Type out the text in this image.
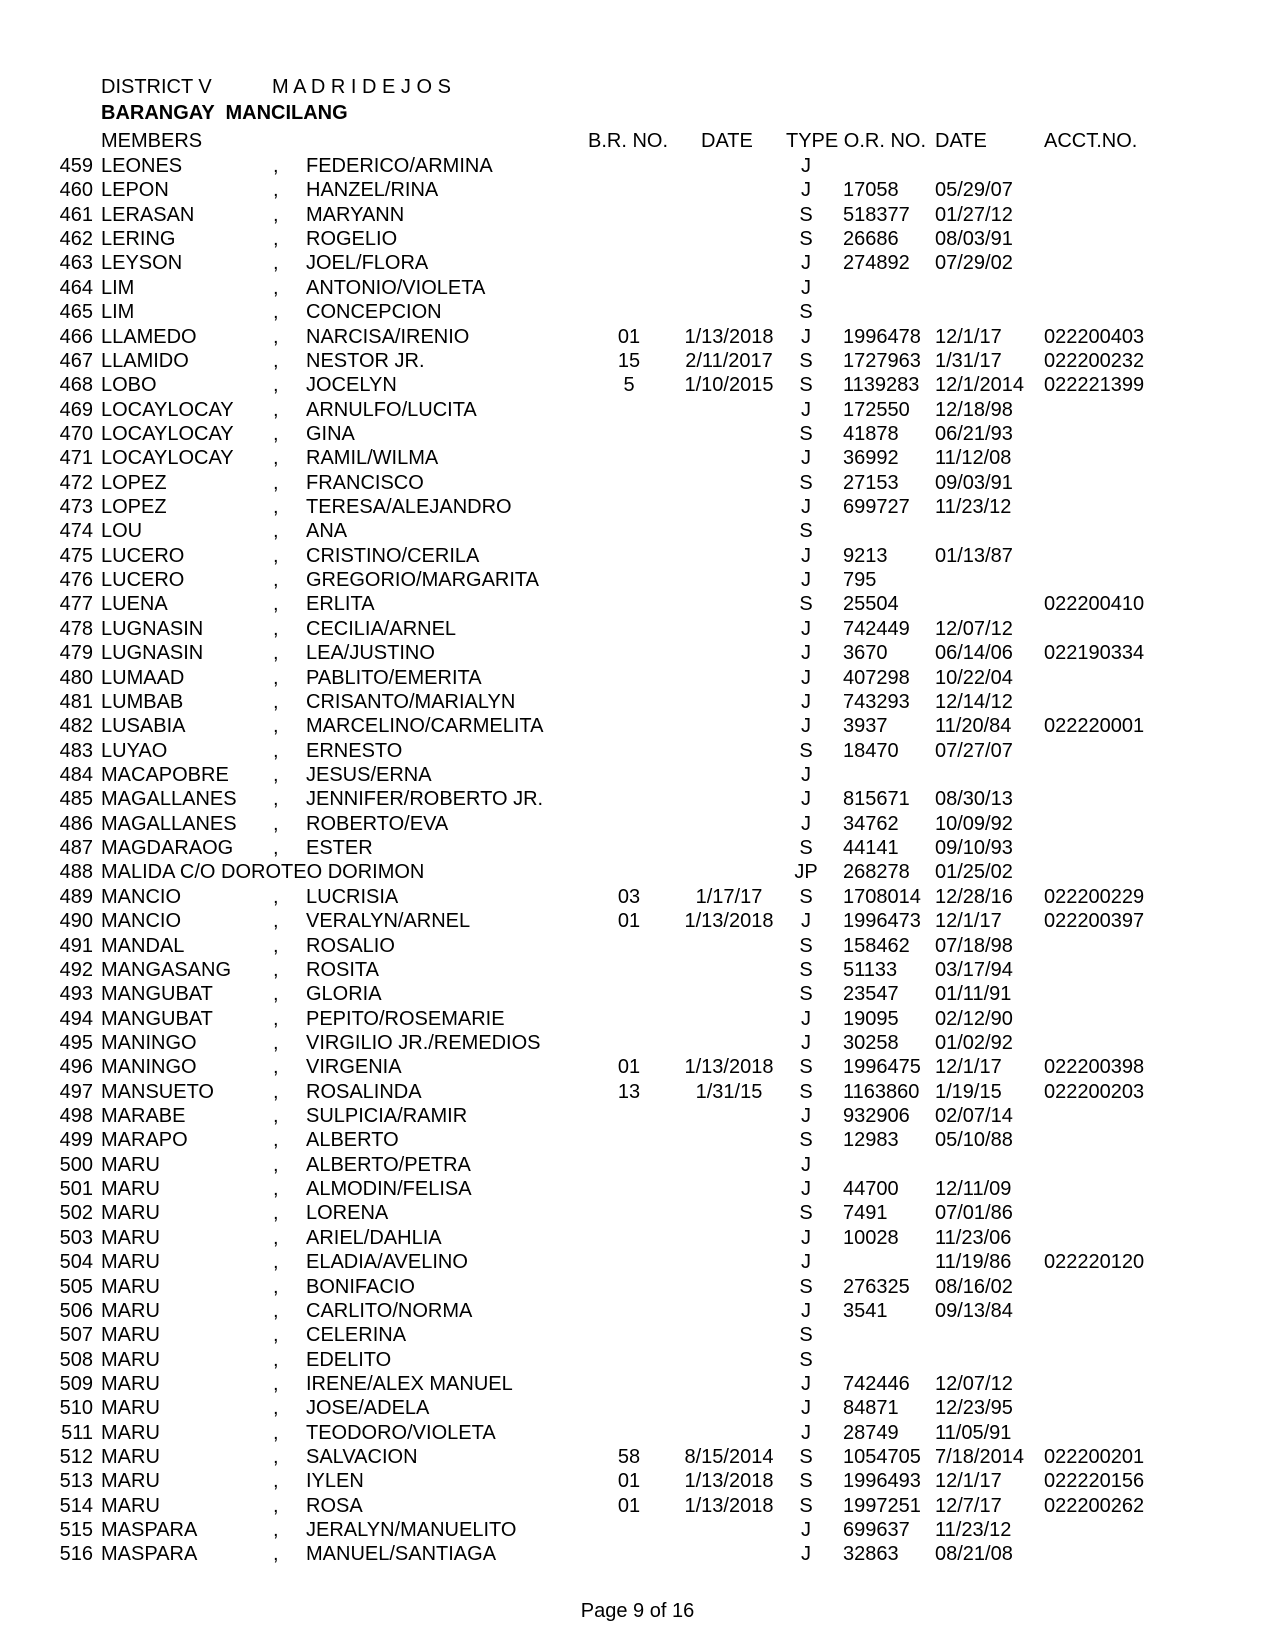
DISTRICT V	M A D R I D E J O S
BARANGAY  MANCILANG
MEMBERS	B.R. NO. DATE TYPE O.R. NO. DATE	ACCT.NO.
459 LEONES	, FEDERICO/ARMINA	J
460 LEPON	, HANZEL/RINA	J	17058 05/29/07
461 LERASAN	, MARYANN	S	518377 01/27/12
462 LERING	, ROGELIO	S	26686 08/03/91
463 LEYSON	, JOEL/FLORA	J	274892 07/29/02
464 LIM	, ANTONIO/VIOLETA	J
465 LIM	, CONCEPCION	S
466 LLAMEDO	, NARCISA/IRENIO	01	1/13/2018	J	1996478 12/1/17 022200403
467 LLAMIDO	, NESTOR JR.	15	2/11/2017	S	1727963 1/31/17 022200232
468 LOBO	, JOCELYN	5	1/10/2015	S	1139283 12/1/2014 022221399
469 LOCAYLOCAY , ARNULFO/LUCITA	J	172550 12/18/98
470 LOCAYLOCAY , GINA	S	41878 06/21/93
471 LOCAYLOCAY , RAMIL/WILMA	J	36992 11/12/08
472 LOPEZ	, FRANCISCO	S	27153 09/03/91
473 LOPEZ	, TERESA/ALEJANDRO	J	699727 11/23/12
474 LOU	, ANA	S
475 LUCERO	, CRISTINO/CERILA	J	9213 01/13/87
476 LUCERO	, GREGORIO/MARGARITA	J	795
477 LUENA	, ERLITA	S	25504	022200410
478 LUGNASIN	, CECILIA/ARNEL	J	742449 12/07/12
479 LUGNASIN	, LEA/JUSTINO	J	3670 06/14/06 022190334
480 LUMAAD	, PABLITO/EMERITA	J	407298 10/22/04
481 LUMBAB	, CRISANTO/MARIALYN	J	743293 12/14/12
482 LUSABIA	, MARCELINO/CARMELITA	J	3937 11/20/84 022220001
483 LUYAO	, ERNESTO	S	18470 07/27/07
484 MACAPOBRE , JESUS/ERNA	J
485 MAGALLANES , JENNIFER/ROBERTO JR.	J	815671 08/30/13
486 MAGALLANES , ROBERTO/EVA	J	34762 10/09/92
487 MAGDARAOG , ESTER	S	44141 09/10/93
488 MALIDA C/O DOROTEO DORIMON	JP	268278 01/25/02
489 MANCIO	, LUCRISIA	03	1/17/17	S	1708014 12/28/16 022200229
490 MANCIO	, VERALYN/ARNEL	01	1/13/2018	J	1996473 12/1/17 022200397
491 MANDAL	, ROSALIO	S	158462 07/18/98
492 MANGASANG , ROSITA	S	51133 03/17/94
493 MANGUBAT	, GLORIA	S	23547 01/11/91
494 MANGUBAT	, PEPITO/ROSEMARIE	J	19095 02/12/90
495 MANINGO	, VIRGILIO JR./REMEDIOS	J	30258 01/02/92
496 MANINGO	, VIRGENIA	01	1/13/2018	S	1996475 12/1/17 022200398
497 MANSUETO	, ROSALINDA	13	1/31/15	S	1163860 1/19/15 022200203
498 MARABE	, SULPICIA/RAMIR	J	932906 02/07/14
499 MARAPO	, ALBERTO	S	12983 05/10/88
500 MARU	, ALBERTO/PETRA	J
501 MARU	, ALMODIN/FELISA	J	44700 12/11/09
502 MARU	, LORENA	S	7491 07/01/86
503 MARU	, ARIEL/DAHLIA	J	10028 11/23/06
504 MARU	, ELADIA/AVELINO	J	11/19/86 022220120
505 MARU	, BONIFACIO	S	276325 08/16/02
506 MARU	, CARLITO/NORMA	J	3541 09/13/84
507 MARU	, CELERINA	S
508 MARU	, EDELITO	S
509 MARU	, IRENE/ALEX MANUEL	J	742446 12/07/12
510 MARU	, JOSE/ADELA	J	84871 12/23/95
511 MARU	, TEODORO/VIOLETA	J	28749 11/05/91
512 MARU	, SALVACION	58	8/15/2014	S	1054705 7/18/2014 022200201
513 MARU	, IYLEN	01	1/13/2018	S	1996493 12/1/17 022220156
514 MARU	, ROSA	01	1/13/2018	S	1997251 12/7/17 022200262
515 MASPARA	, JERALYN/MANUELITO	J	699637 11/23/12
516 MASPARA	, MANUEL/SANTIAGA	J	32863 08/21/08
Page 9 of 16
